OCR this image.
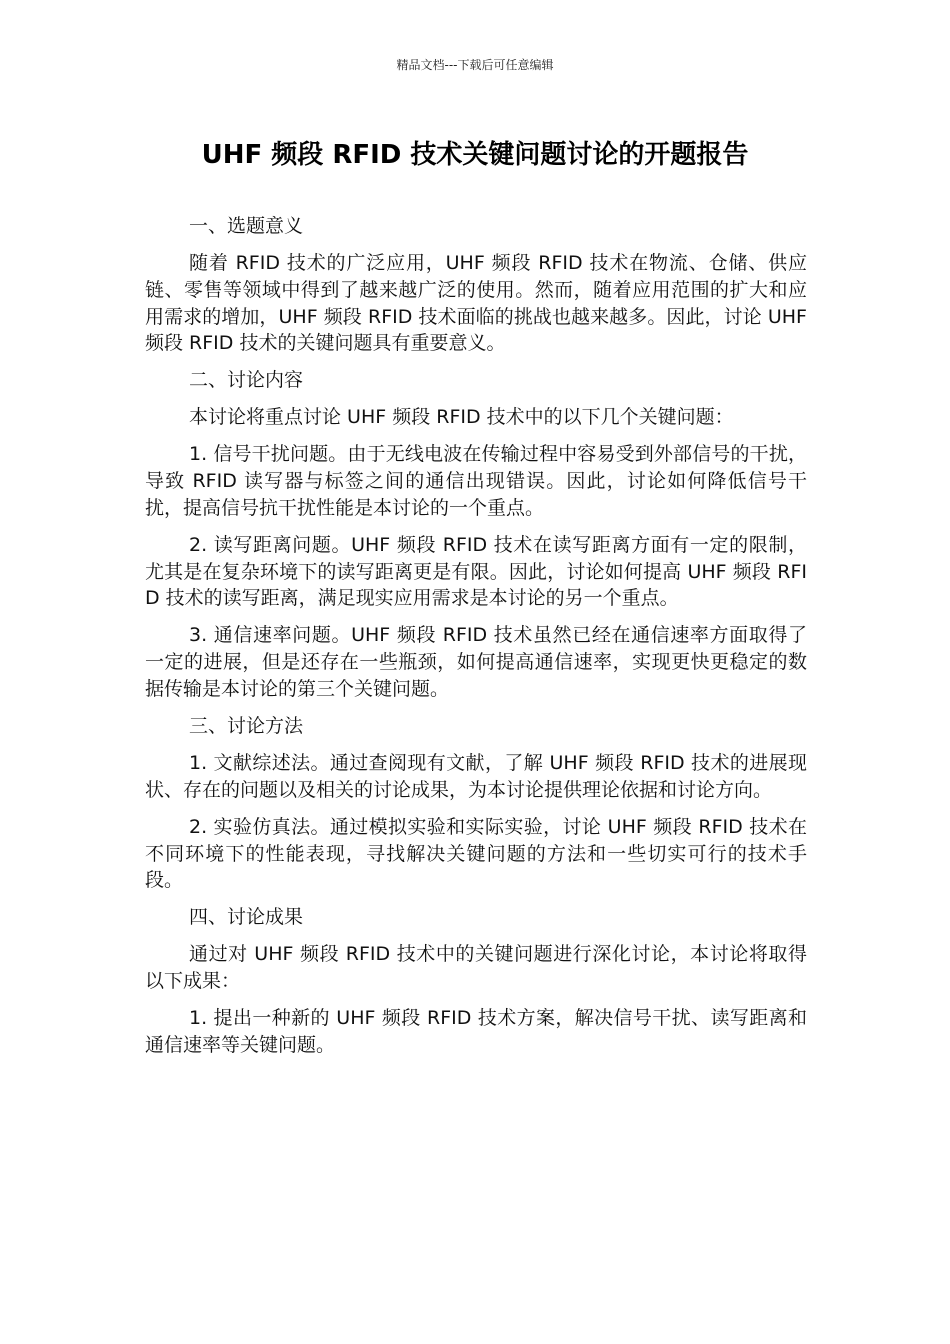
精品文档---下载后可任意编辑
UHF 频段 RFID 技术关键问题讨论的开题报告

一、选题意义

随着 RFID 技术的广泛应用，UHF 频段 RFID 技术在物流、仓储、供应链、零售等领域中得到了越来越广泛的使用。然而，随着应用范围的扩大和应用需求的增加，UHF 频段 RFID 技术面临的挑战也越来越多。因此，讨论 UHF 频段 RFID 技术的关键问题具有重要意义。

二、讨论内容

本讨论将重点讨论 UHF 频段 RFID 技术中的以下几个关键问题：

1. 信号干扰问题。由于无线电波在传输过程中容易受到外部信号的干扰，导致 RFID 读写器与标签之间的通信出现错误。因此，讨论如何降低信号干扰，提高信号抗干扰性能是本讨论的一个重点。

2. 读写距离问题。UHF 频段 RFID 技术在读写距离方面有一定的限制，尤其是在复杂环境下的读写距离更是有限。因此，讨论如何提高 UHF 频段 RFID 技术的读写距离，满足现实应用需求是本讨论的另一个重点。

3. 通信速率问题。UHF 频段 RFID 技术虽然已经在通信速率方面取得了一定的进展，但是还存在一些瓶颈，如何提高通信速率，实现更快更稳定的数据传输是本讨论的第三个关键问题。

三、讨论方法

1. 文献综述法。通过查阅现有文献，了解 UHF 频段 RFID 技术的进展现状、存在的问题以及相关的讨论成果，为本讨论提供理论依据和讨论方向。

2. 实验仿真法。通过模拟实验和实际实验，讨论 UHF 频段 RFID 技术在不同环境下的性能表现，寻找解决关键问题的方法和一些切实可行的技术手段。

四、讨论成果

通过对 UHF 频段 RFID 技术中的关键问题进行深化讨论，本讨论将取得以下成果：

1. 提出一种新的 UHF 频段 RFID 技术方案，解决信号干扰、读写距离和通信速率等关键问题。
